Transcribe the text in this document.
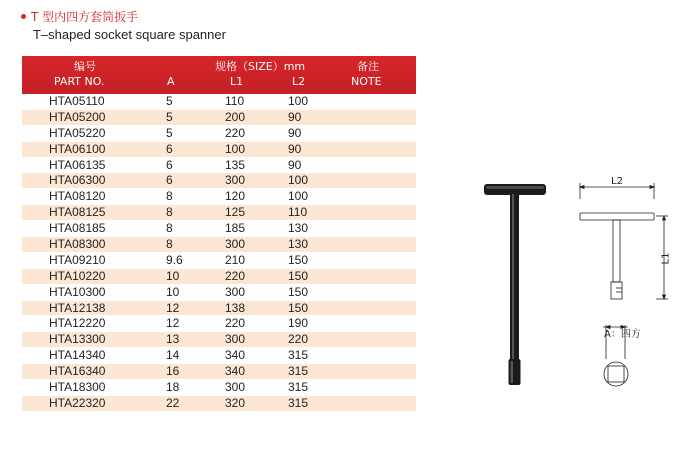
T 型内四方套筒扳手
T–shaped socket square spanner
编号
PART NO.
规格（SIZE）mm
A	L1	L2
备注
NOTE
HTA05110	5	110	100
HTA05200	5	200	90
HTA05220	5	220	90
HTA06100	6	100	90
HTA06135	6	135	90
HTA06300	6	300	100
HTA08120	8	120	100
HTA08125	8	125	110
HTA08185	8	185	130
HTA08300	8	300	130
HTA09210	9.6	210	150
HTA10220	10	220	150
HTA10300	10	300	150
HTA12138	12	138	150
HTA12220	12	220	190
HTA13300	13	300	220
HTA14340	14	340	315
HTA16340	16	340	315
HTA18300	18	300	315
HTA22320	22	320	315
L2
L1
A：四方
